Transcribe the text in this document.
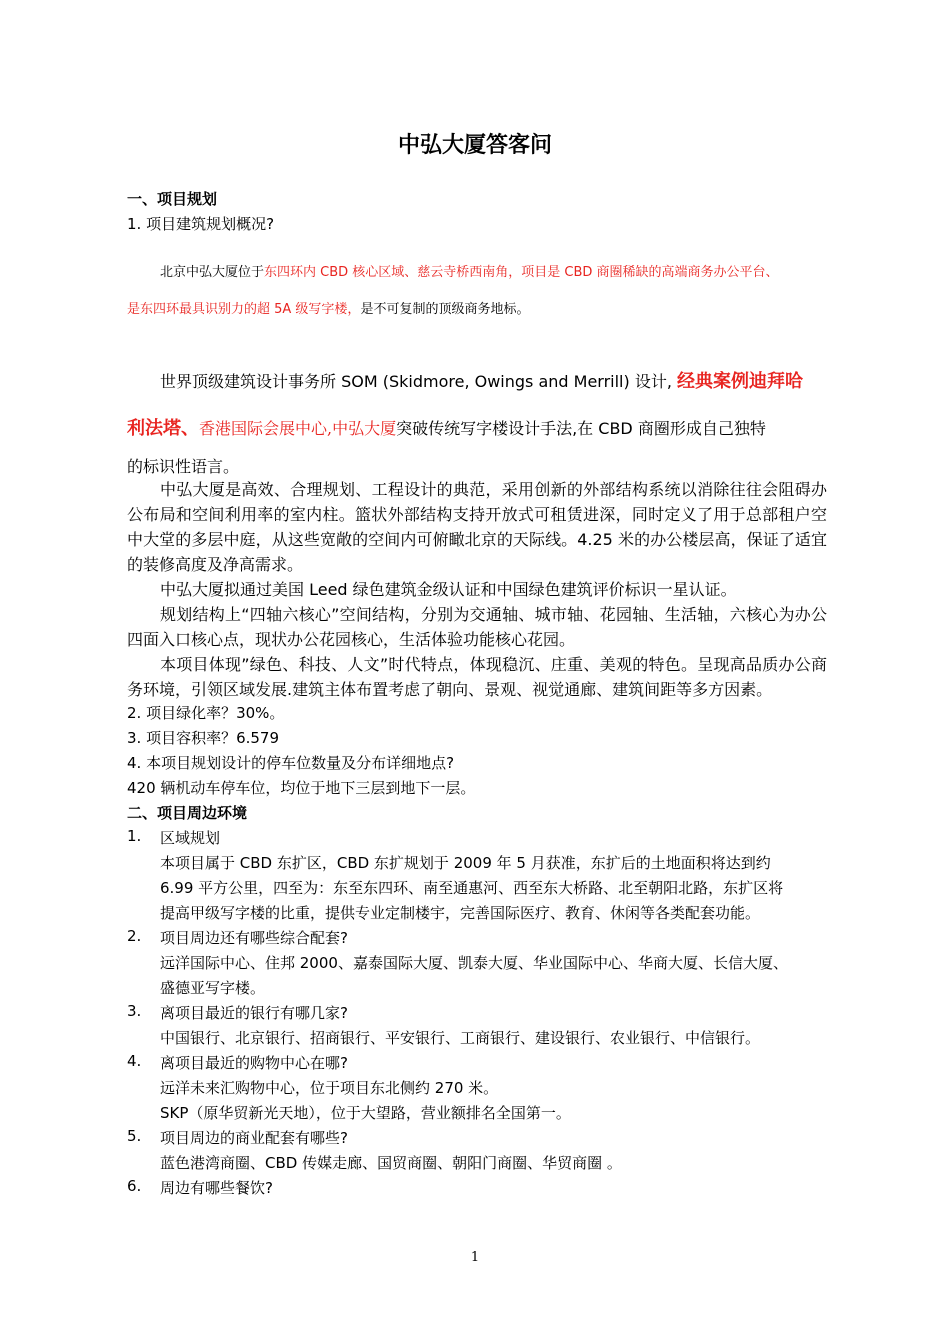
中弘大厦答客问
一、项目规划
1. 项目建筑规划概况?
北京中弘大厦位于东四环内 CBD 核心区域、慈云寺桥西南角，项目是 CBD 商圈稀缺的高端商务办公平台、
是东四环最具识别力的超 5A 级写字楼，是不可复制的顶级商务地标。
世界顶级建筑设计事务所 SOM (Skidmore, Owings and Merrill) 设计, 经典案例迪拜哈
利法塔、香港国际会展中心,中弘大厦突破传统写字楼设计手法,在 CBD 商圈形成自己独特
的标识性语言。

中弘大厦是高效、合理规划、工程设计的典范，采用创新的外部结构系统以消除往往会阻碍办公布局和空间利用率的室内柱。篮状外部结构支持开放式可租赁进深，同时定义了用于总部租户空中大堂的多层中庭，从这些宽敞的空间内可俯瞰北京的天际线。4.25 米的办公楼层高，保证了适宜的装修高度及净高需求。

中弘大厦拟通过美国 Leed 绿色建筑金级认证和中国绿色建筑评价标识一星认证。

规划结构上“四轴六核心”空间结构，分别为交通轴、城市轴、花园轴、生活轴，六核心为办公四面入口核心点，现状办公花园核心，生活体验功能核心花园。

本项目体现”绿色、科技、人文”时代特点，体现稳沉、庄重、美观的特色。呈现高品质办公商务环境，引领区域发展.建筑主体布置考虑了朝向、景观、视觉通廊、建筑间距等多方因素。

2. 项目绿化率？30%。
3. 项目容积率？6.579
4. 本项目规划设计的停车位数量及分布详细地点?
420 辆机动车停车位，均位于地下三层到地下一层。
二、项目周边环境
1. 区域规划
本项目属于 CBD 东扩区，CBD 东扩规划于 2009 年 5 月获准，东扩后的土地面积将达到约
6.99 平方公里，四至为：东至东四环、南至通惠河、西至东大桥路、北至朝阳北路，东扩区将
提高甲级写字楼的比重，提供专业定制楼宇，完善国际医疗、教育、休闲等各类配套功能。
2. 项目周边还有哪些综合配套?
远洋国际中心、住邦 2000、嘉泰国际大厦、凯泰大厦、华业国际中心、华商大厦、长信大厦、
盛德亚写字楼。
3. 离项目最近的银行有哪几家?
中国银行、北京银行、招商银行、平安银行、工商银行、建设银行、农业银行、中信银行。
4. 离项目最近的购物中心在哪?
远洋未来汇购物中心，位于项目东北侧约 270 米。
SKP（原华贸新光天地），位于大望路，营业额排名全国第一。
5. 项目周边的商业配套有哪些?
蓝色港湾商圈、CBD 传媒走廊、国贸商圈、朝阳门商圈、华贸商圈 。
6. 周边有哪些餐饮?
1
